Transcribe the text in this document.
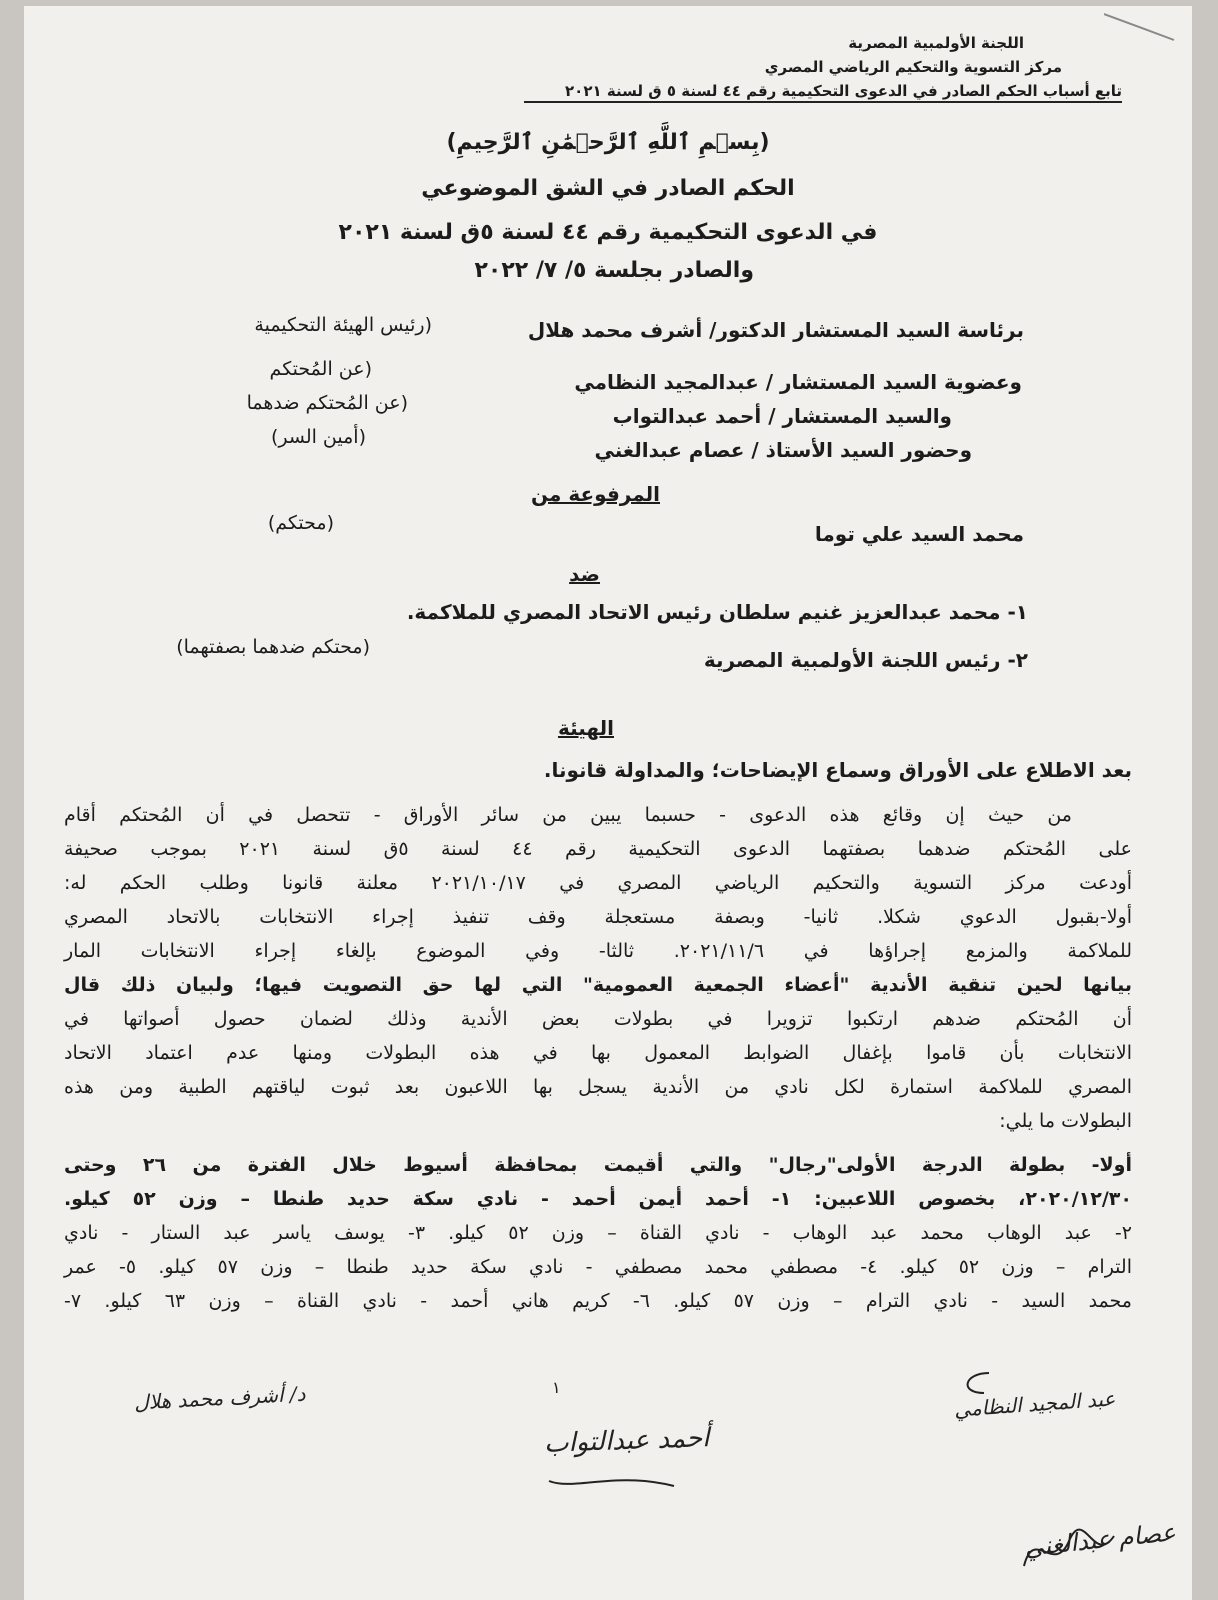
اللجنة الأولمبية المصرية
مركز التسوية والتحكيم الرياضي المصري
تابع أسباب الحكم الصادر في الدعوى التحكيمية رقم ٤٤ لسنة ٥ ق لسنة ٢٠٢١
(بِسۡمِ ٱللَّهِ ٱلرَّحۡمَٰنِ ٱلرَّحِيمِ)
الحكم الصادر في الشق الموضوعي
في الدعوى التحكيمية رقم ٤٤ لسنة ٥ق لسنة ٢٠٢١
والصادر بجلسة ٥/ ٧/ ٢٠٢٢
برئاسة السيد المستشار الدكتور/ أشرف محمد هلال
(رئيس الهيئة التحكيمية
وعضوية السيد المستشار / عبدالمجيد النظامي
(عن المُحتكم
والسيد المستشار / أحمد عبدالتواب
(عن المُحتكم ضدهما
وحضور السيد الأستاذ / عصام عبدالغني
(أمين السر)
المرفوعة من
محمد السيد علي توما
(محتكم)
ضد
١- محمد عبدالعزيز غنيم سلطان رئيس الاتحاد المصري للملاكمة.
٢- رئيس اللجنة الأولمبية المصرية
(محتكم ضدهما بصفتهما)
الهيئة
بعد الاطلاع على الأوراق وسماع الإيضاحات؛ والمداولة قانونا.
من حيث إن وقائع هذه الدعوى - حسبما يبين من سائر الأوراق - تتحصل في أن المُحتكم أقام
على المُحتكم ضدهما بصفتهما الدعوى التحكيمية رقم ٤٤ لسنة ٥ق لسنة ٢٠٢١ بموجب صحيفة
أودعت مركز التسوية والتحكيم الرياضي المصري في ٢٠٢١/١٠/١٧ معلنة قانونا وطلب الحكم له:
أولا-بقبول الدعوي شكلا. ثانيا- وبصفة مستعجلة وقف تنفيذ إجراء الانتخابات بالاتحاد المصري
للملاكمة والمزمع إجراؤها في ٢٠٢١/١١/٦. ثالثا- وفي الموضوع بإلغاء إجراء الانتخابات المار
بيانها لحين تنقية الأندية "أعضاء الجمعية العمومية" التي لها حق التصويت فيها؛ ولبيان ذلك قال
أن المُحتكم ضدهم ارتكبوا تزويرا في بطولات بعض الأندية وذلك لضمان حصول أصواتها في
الانتخابات بأن قاموا بإغفال الضوابط المعمول بها في هذه البطولات ومنها عدم اعتماد الاتحاد
المصري للملاكمة استمارة لكل نادي من الأندية يسجل بها اللاعبون بعد ثبوت لياقتهم الطبية ومن هذه
البطولات ما يلي:
أولا- بطولة الدرجة الأولى"رجال" والتي أقيمت بمحافظة أسيوط خلال الفترة من ٢٦ وحتى
٢٠٢٠/١٢/٣٠، بخصوص اللاعبين: ١- أحمد أيمن أحمد - نادي سكة حديد طنطا – وزن ٥٢ كيلو.
٢- عبد الوهاب محمد عبد الوهاب - نادي القناة – وزن ٥٢ كيلو. ٣- يوسف ياسر عبد الستار - نادي
الترام – وزن ٥٢ كيلو. ٤- مصطفي محمد مصطفي - نادي سكة حديد طنطا – وزن ٥٧ كيلو. ٥- عمر
محمد السيد - نادي الترام – وزن ٥٧ كيلو. ٦- كريم هاني أحمد - نادي القناة – وزن ٦٣ كيلو. ٧-
١
د/ أشرف محمد هلال
أحمد عبدالتواب
عبد المجيد النظامي
عصام عبدالغني
